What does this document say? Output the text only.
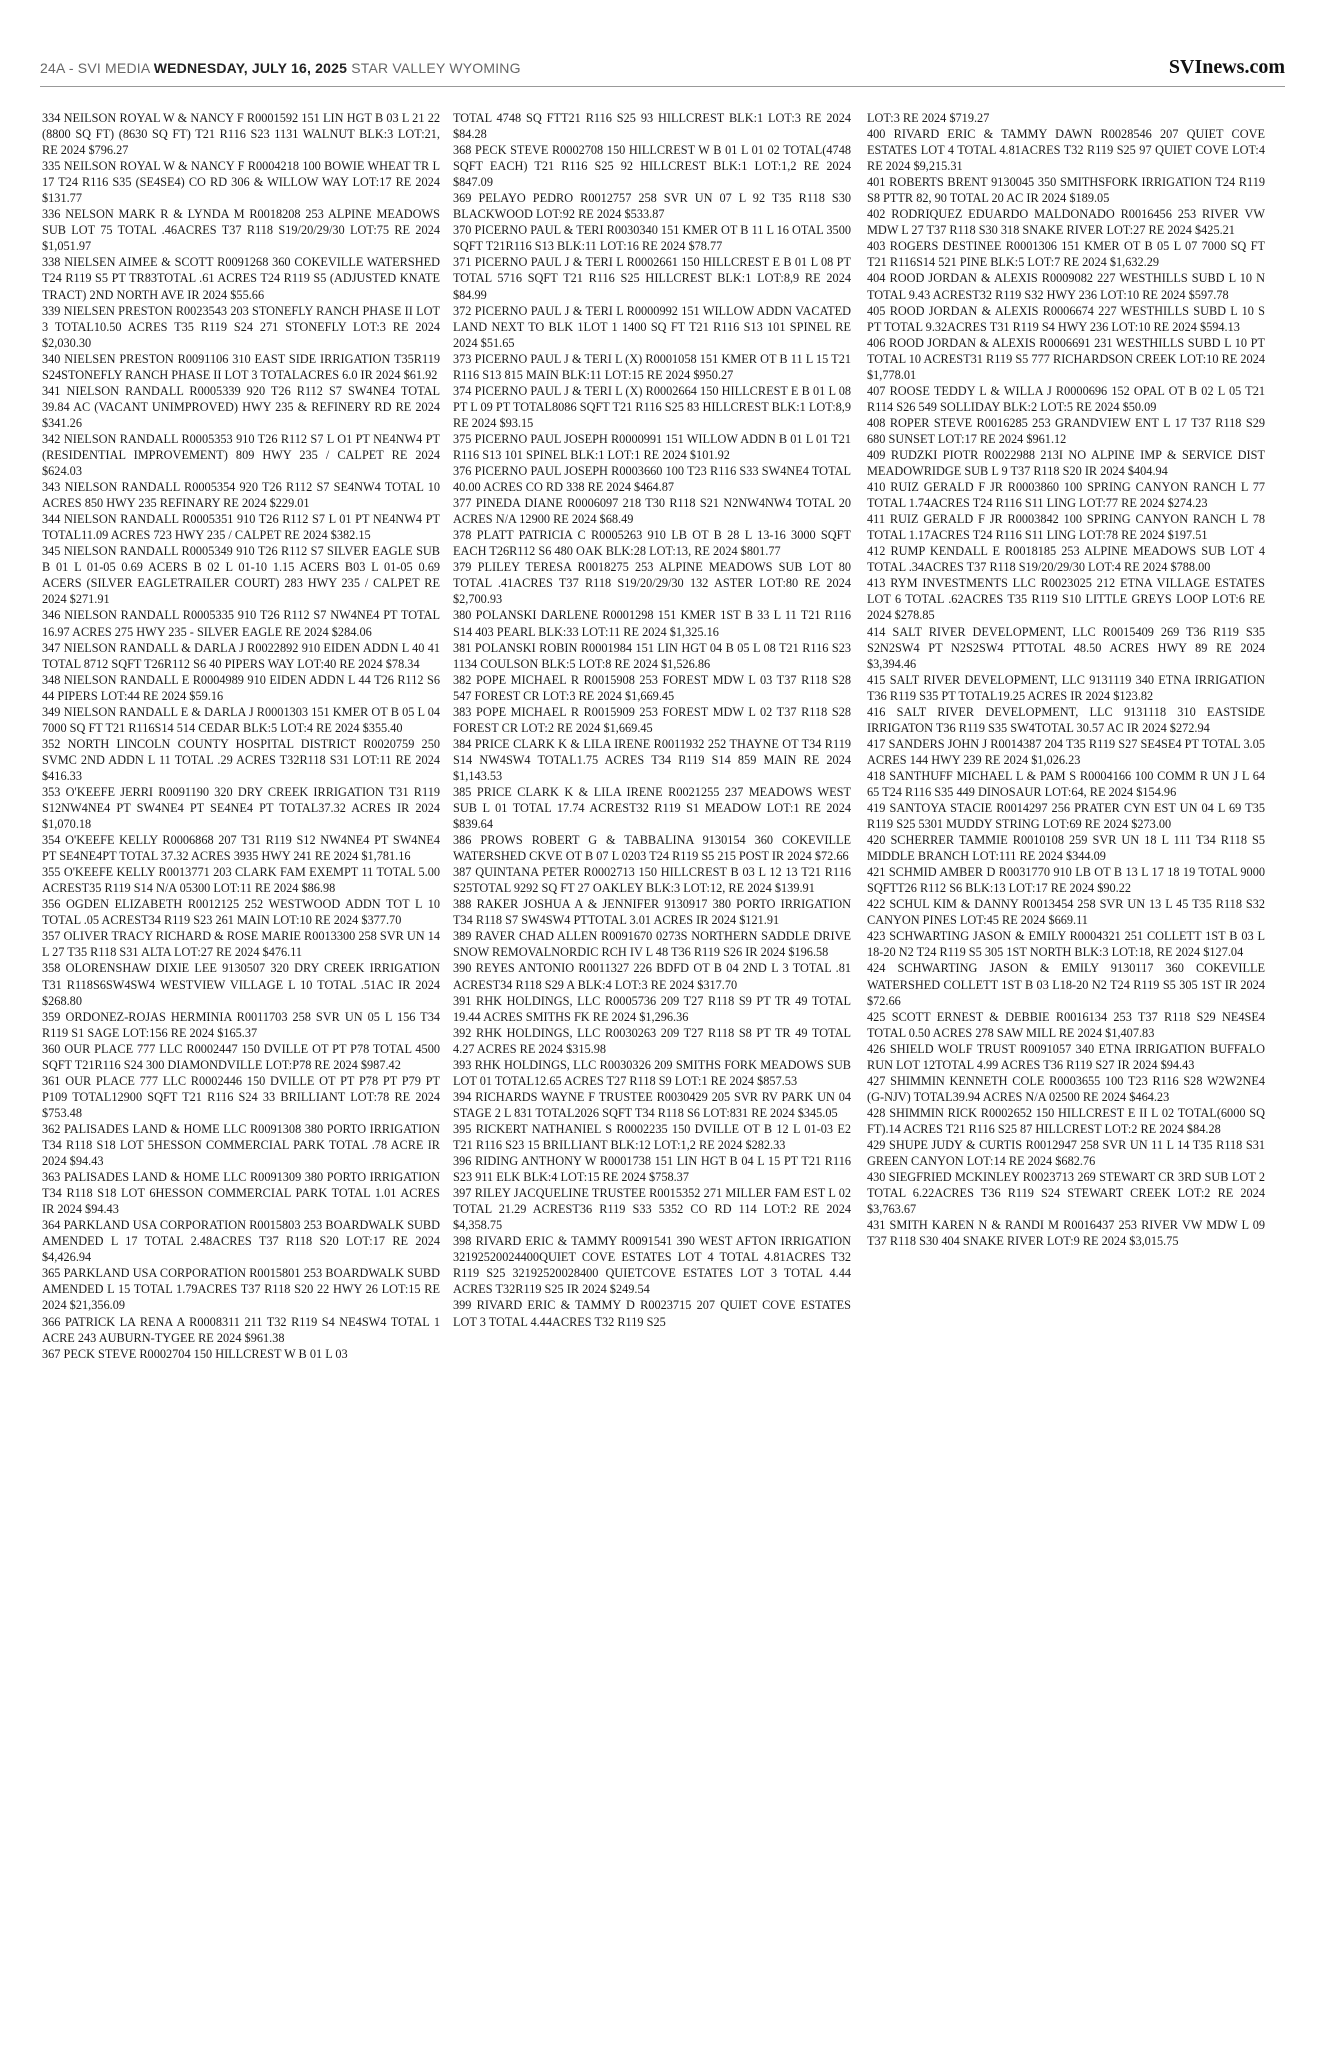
24A - SVI MEDIA WEDNESDAY, JULY 16, 2025 STAR VALLEY WYOMING	SVInews.com

334 NEILSON ROYAL W & NANCY F R0001592 151 LIN HGT B 03 L 21 22 (8800 SQ FT) (8630 SQ FT) T21 R116 S23 1131 WALNUT BLK:3 LOT:21, RE 2024 $796.27

335 NEILSON ROYAL W & NANCY F R0004218 100 BOWIE WHEAT TR L 17 T24 R116 S35 (SE4SE4) CO RD 306 & WILLOW WAY LOT:17 RE 2024 $131.77

336 NELSON MARK R & LYNDA M R0018208 253 ALPINE MEADOWS SUB LOT 75 TOTAL .46ACRES T37 R118 S19/20/29/30 LOT:75 RE 2024 $1,051.97

338 NIELSEN AIMEE & SCOTT R0091268 360 COKEVILLE WATERSHED T24 R119 S5 PT TR83TOTAL .61 ACRES T24 R119 S5 (ADJUSTED KNATE TRACT) 2ND NORTH AVE IR 2024 $55.66

339 NIELSEN PRESTON R0023543 203 STONEFLY RANCH PHASE II LOT 3 TOTAL10.50 ACRES T35 R119 S24 271 STONEFLY LOT:3 RE 2024 $2,030.30

340 NIELSEN PRESTON R0091106 310 EAST SIDE IRRIGATION T35R119 S24STONEFLY RANCH PHASE II LOT 3 TOTALACRES 6.0 IR 2024 $61.92

341 NIELSON RANDALL R0005339 920 T26 R112 S7 SW4NE4 TOTAL 39.84 AC (VACANT UNIMPROVED) HWY 235 & REFINERY RD RE 2024 $341.26

342 NIELSON RANDALL R0005353 910 T26 R112 S7 L O1 PT NE4NW4 PT (RESIDENTIAL IMPROVEMENT) 809 HWY 235 / CALPET RE 2024 $624.03

343 NIELSON RANDALL R0005354 920 T26 R112 S7 SE4NW4 TOTAL 10 ACRES 850 HWY 235 REFINARY RE 2024 $229.01

344 NIELSON RANDALL R0005351 910 T26 R112 S7 L 01 PT NE4NW4 PT TOTAL11.09 ACRES 723 HWY 235 / CALPET RE 2024 $382.15

345 NIELSON RANDALL R0005349 910 T26 R112 S7 SILVER EAGLE SUB B 01 L 01-05 0.69 ACERS B 02 L 01-10 1.15 ACERS B03 L 01-05 0.69 ACERS (SILVER EAGLETRAILER COURT) 283 HWY 235 / CALPET RE 2024 $271.91

346 NIELSON RANDALL R0005335 910 T26 R112 S7 NW4NE4 PT TOTAL 16.97 ACRES 275 HWY 235 - SILVER EAGLE RE 2024 $284.06

347 NIELSON RANDALL & DARLA J R0022892 910 EIDEN ADDN L 40 41 TOTAL 8712 SQFT T26R112 S6 40 PIPERS WAY LOT:40 RE 2024 $78.34

348 NIELSON RANDALL E R0004989 910 EIDEN ADDN L 44 T26 R112 S6 44 PIPERS LOT:44 RE 2024 $59.16

349 NIELSON RANDALL E & DARLA J R0001303 151 KMER OT B 05 L 04 7000 SQ FT T21 R116S14 514 CEDAR BLK:5 LOT:4 RE 2024 $355.40

352 NORTH LINCOLN COUNTY HOSPITAL DISTRICT R0020759 250 SVMC 2ND ADDN L 11 TOTAL .29 ACRES T32R118 S31 LOT:11 RE 2024 $416.33

353 O'KEEFE JERRI R0091190 320 DRY CREEK IRRIGATION T31 R119 S12NW4NE4 PT SW4NE4 PT SE4NE4 PT TOTAL37.32 ACRES IR 2024 $1,070.18

354 O'KEEFE KELLY R0006868 207 T31 R119 S12 NW4NE4 PT SW4NE4 PT SE4NE4PT TOTAL 37.32 ACRES 3935 HWY 241 RE 2024 $1,781.16

355 O'KEEFE KELLY R0013771 203 CLARK FAM EXEMPT 11 TOTAL 5.00 ACREST35 R119 S14 N/A 05300 LOT:11 RE 2024 $86.98

356 OGDEN ELIZABETH R0012125 252 WESTWOOD ADDN TOT L 10 TOTAL .05 ACREST34 R119 S23 261 MAIN LOT:10 RE 2024 $377.70

357 OLIVER TRACY RICHARD & ROSE MARIE R0013300 258 SVR UN 14 L 27 T35 R118 S31 ALTA LOT:27 RE 2024 $476.11

358 OLORENSHAW DIXIE LEE 9130507 320 DRY CREEK IRRIGATION T31 R118S6SW4SW4 WESTVIEW VILLAGE L 10 TOTAL .51AC IR 2024 $268.80

359 ORDONEZ-ROJAS HERMINIA R0011703 258 SVR UN 05 L 156 T34 R119 S1 SAGE LOT:156 RE 2024 $165.37

360 OUR PLACE 777 LLC R0002447 150 DVILLE OT PT P78 TOTAL 4500 SQFT T21R116 S24 300 DIAMONDVILLE LOT:P78 RE 2024 $987.42

361 OUR PLACE 777 LLC R0002446 150 DVILLE OT PT P78 PT P79 PT P109 TOTAL12900 SQFT T21 R116 S24 33 BRILLIANT LOT:78 RE 2024 $753.48

362 PALISADES LAND & HOME LLC R0091308 380 PORTO IRRIGATION T34 R118 S18 LOT 5HESSON COMMERCIAL PARK TOTAL .78 ACRE IR 2024 $94.43

363 PALISADES LAND & HOME LLC R0091309 380 PORTO IRRIGATION T34 R118 S18 LOT 6HESSON COMMERCIAL PARK TOTAL 1.01 ACRES IR 2024 $94.43

364 PARKLAND USA CORPORATION R0015803 253 BOARDWALK SUBD AMENDED L 17 TOTAL 2.48ACRES T37 R118 S20 LOT:17 RE 2024 $4,426.94

365 PARKLAND USA CORPORATION R0015801 253 BOARDWALK SUBD AMENDED L 15 TOTAL 1.79ACRES T37 R118 S20 22 HWY 26 LOT:15 RE 2024 $21,356.09

366 PATRICK LA RENA A R0008311 211 T32 R119 S4 NE4SW4 TOTAL 1 ACRE 243 AUBURN-TYGEE RE 2024 $961.38

367 PECK STEVE R0002704 150 HILLCREST W B 01 L 03

TOTAL 4748 SQ FTT21 R116 S25 93 HILLCREST BLK:1 LOT:3 RE 2024 $84.28

368 PECK STEVE R0002708 150 HILLCREST W B 01 L 01 02 TOTAL(4748 SQFT EACH) T21 R116 S25 92 HILLCREST BLK:1 LOT:1,2 RE 2024 $847.09

369 PELAYO PEDRO R0012757 258 SVR UN 07 L 92 T35 R118 S30 BLACKWOOD LOT:92 RE 2024 $533.87

370 PICERNO PAUL & TERI R0030340 151 KMER OT B 11 L 16 OTAL 3500 SQFT T21R116 S13 BLK:11 LOT:16 RE 2024 $78.77

371 PICERNO PAUL J & TERI L R0002661 150 HILLCREST E B 01 L 08 PT TOTAL 5716 SQFT T21 R116 S25 HILLCREST BLK:1 LOT:8,9 RE 2024 $84.99

372 PICERNO PAUL J & TERI L R0000992 151 WILLOW ADDN VACATED LAND NEXT TO BLK 1LOT 1 1400 SQ FT T21 R116 S13 101 SPINEL RE 2024 $51.65

373 PICERNO PAUL J & TERI L (X) R0001058 151 KMER OT B 11 L 15 T21 R116 S13 815 MAIN BLK:11 LOT:15 RE 2024 $950.27

374 PICERNO PAUL J & TERI L (X) R0002664 150 HILLCREST E B 01 L 08 PT L 09 PT TOTAL8086 SQFT T21 R116 S25 83 HILLCREST BLK:1 LOT:8,9 RE 2024 $93.15

375 PICERNO PAUL JOSEPH R0000991 151 WILLOW ADDN B 01 L 01 T21 R116 S13 101 SPINEL BLK:1 LOT:1 RE 2024 $101.92

376 PICERNO PAUL JOSEPH R0003660 100 T23 R116 S33 SW4NE4 TOTAL 40.00 ACRES CO RD 338 RE 2024 $464.87

377 PINEDA DIANE R0006097 218 T30 R118 S21 N2NW4NW4 TOTAL 20 ACRES N/A 12900 RE 2024 $68.49

378 PLATT PATRICIA C R0005263 910 LB OT B 28 L 13-16 3000 SQFT EACH T26R112 S6 480 OAK BLK:28 LOT:13, RE 2024 $801.77

379 PLILEY TERESA R0018275 253 ALPINE MEADOWS SUB LOT 80 TOTAL .41ACRES T37 R118 S19/20/29/30 132 ASTER LOT:80 RE 2024 $2,700.93

380 POLANSKI DARLENE R0001298 151 KMER 1ST B 33 L 11 T21 R116 S14 403 PEARL BLK:33 LOT:11 RE 2024 $1,325.16

381 POLANSKI ROBIN R0001984 151 LIN HGT 04 B 05 L 08 T21 R116 S23 1134 COULSON BLK:5 LOT:8 RE 2024 $1,526.86

382 POPE MICHAEL R R0015908 253 FOREST MDW L 03 T37 R118 S28 547 FOREST CR LOT:3 RE 2024 $1,669.45

383 POPE MICHAEL R R0015909 253 FOREST MDW L 02 T37 R118 S28 FOREST CR LOT:2 RE 2024 $1,669.45

384 PRICE CLARK K & LILA IRENE R0011932 252 THAYNE OT T34 R119 S14 NW4SW4 TOTAL1.75 ACRES T34 R119 S14 859 MAIN RE 2024 $1,143.53

385 PRICE CLARK K & LILA IRENE R0021255 237 MEADOWS WEST SUB L 01 TOTAL 17.74 ACREST32 R119 S1 MEADOW LOT:1 RE 2024 $839.64

386 PROWS ROBERT G & TABBALINA 9130154 360 COKEVILLE WATERSHED CKVE OT B 07 L 0203 T24 R119 S5 215 POST IR 2024 $72.66

387 QUINTANA PETER R0002713 150 HILLCREST B 03 L 12 13 T21 R116 S25TOTAL 9292 SQ FT 27 OAKLEY BLK:3 LOT:12, RE 2024 $139.91

388 RAKER JOSHUA A & JENNIFER 9130917 380 PORTO IRRIGATION T34 R118 S7 SW4SW4 PTTOTAL 3.01 ACRES IR 2024 $121.91

389 RAVER CHAD ALLEN R0091670 0273S NORTHERN SADDLE DRIVE SNOW REMOVALNORDIC RCH IV L 48 T36 R119 S26 IR 2024 $196.58

390 REYES ANTONIO R0011327 226 BDFD OT B 04 2ND L 3 TOTAL .81 ACREST34 R118 S29 A BLK:4 LOT:3 RE 2024 $317.70

391 RHK HOLDINGS, LLC R0005736 209 T27 R118 S9 PT TR 49 TOTAL 19.44 ACRES SMITHS FK RE 2024 $1,296.36

392 RHK HOLDINGS, LLC R0030263 209 T27 R118 S8 PT TR 49 TOTAL 4.27 ACRES RE 2024 $315.98

393 RHK HOLDINGS, LLC R0030326 209 SMITHS FORK MEADOWS SUB LOT 01 TOTAL12.65 ACRES T27 R118 S9 LOT:1 RE 2024 $857.53

394 RICHARDS WAYNE F TRUSTEE R0030429 205 SVR RV PARK UN 04 STAGE 2 L 831 TOTAL2026 SQFT T34 R118 S6 LOT:831 RE 2024 $345.05

395 RICKERT NATHANIEL S R0002235 150 DVILLE OT B 12 L 01-03 E2 T21 R116 S23 15 BRILLIANT BLK:12 LOT:1,2 RE 2024 $282.33

396 RIDING ANTHONY W R0001738 151 LIN HGT B 04 L 15 PT T21 R116 S23 911 ELK BLK:4 LOT:15 RE 2024 $758.37

397 RILEY JACQUELINE TRUSTEE R0015352 271 MILLER FAM EST L 02 TOTAL 21.29 ACREST36 R119 S33 5352 CO RD 114 LOT:2 RE 2024 $4,358.75

398 RIVARD ERIC & TAMMY R0091541 390 WEST AFTON IRRIGATION 32192520024400QUIET COVE ESTATES LOT 4 TOTAL 4.81ACRES T32 R119 S25 32192520028400 QUIETCOVE ESTATES LOT 3 TOTAL 4.44 ACRES T32R119 S25 IR 2024 $249.54

399 RIVARD ERIC & TAMMY D R0023715 207 QUIET COVE ESTATES LOT 3 TOTAL 4.44ACRES T32 R119 S25

LOT:3 RE 2024 $719.27

400 RIVARD ERIC & TAMMY DAWN R0028546 207 QUIET COVE ESTATES LOT 4 TOTAL 4.81ACRES T32 R119 S25 97 QUIET COVE LOT:4 RE 2024 $9,215.31

401 ROBERTS BRENT 9130045 350 SMITHSFORK IRRIGATION T24 R119 S8 PTTR 82, 90 TOTAL 20 AC IR 2024 $189.05

402 RODRIQUEZ EDUARDO MALDONADO R0016456 253 RIVER VW MDW L 27 T37 R118 S30 318 SNAKE RIVER LOT:27 RE 2024 $425.21

403 ROGERS DESTINEE R0001306 151 KMER OT B 05 L 07 7000 SQ FT T21 R116S14 521 PINE BLK:5 LOT:7 RE 2024 $1,632.29

404 ROOD JORDAN & ALEXIS R0009082 227 WESTHILLS SUBD L 10 N TOTAL 9.43 ACREST32 R119 S32 HWY 236 LOT:10 RE 2024 $597.78

405 ROOD JORDAN & ALEXIS R0006674 227 WESTHILLS SUBD L 10 S PT TOTAL 9.32ACRES T31 R119 S4 HWY 236 LOT:10 RE 2024 $594.13

406 ROOD JORDAN & ALEXIS R0006691 231 WESTHILLS SUBD L 10 PT TOTAL 10 ACREST31 R119 S5 777 RICHARDSON CREEK LOT:10 RE 2024 $1,778.01

407 ROOSE TEDDY L & WILLA J R0000696 152 OPAL OT B 02 L 05 T21 R114 S26 549 SOLLIDAY BLK:2 LOT:5 RE 2024 $50.09

408 ROPER STEVE R0016285 253 GRANDVIEW ENT L 17 T37 R118 S29 680 SUNSET LOT:17 RE 2024 $961.12

409 RUDZKI PIOTR R0022988 213I NO ALPINE IMP & SERVICE DIST MEADOWRIDGE SUB L 9 T37 R118 S20 IR 2024 $404.94

410 RUIZ GERALD F JR R0003860 100 SPRING CANYON RANCH L 77 TOTAL 1.74ACRES T24 R116 S11 LING LOT:77 RE 2024 $274.23

411 RUIZ GERALD F JR R0003842 100 SPRING CANYON RANCH L 78 TOTAL 1.17ACRES T24 R116 S11 LING LOT:78 RE 2024 $197.51

412 RUMP KENDALL E R0018185 253 ALPINE MEADOWS SUB LOT 4 TOTAL .34ACRES T37 R118 S19/20/29/30 LOT:4 RE 2024 $788.00

413 RYM INVESTMENTS LLC R0023025 212 ETNA VILLAGE ESTATES LOT 6 TOTAL .62ACRES T35 R119 S10 LITTLE GREYS LOOP LOT:6 RE 2024 $278.85

414 SALT RIVER DEVELOPMENT, LLC R0015409 269 T36 R119 S35 S2N2SW4 PT N2S2SW4 PTTOTAL 48.50 ACRES HWY 89 RE 2024 $3,394.46

415 SALT RIVER DEVELOPMENT, LLC 9131119 340 ETNA IRRIGATION T36 R119 S35 PT TOTAL19.25 ACRES IR 2024 $123.82

416 SALT RIVER DEVELOPMENT, LLC 9131118 310 EASTSIDE IRRIGATON T36 R119 S35 SW4TOTAL 30.57 AC IR 2024 $272.94

417 SANDERS JOHN J R0014387 204 T35 R119 S27 SE4SE4 PT TOTAL 3.05 ACRES 144 HWY 239 RE 2024 $1,026.23

418 SANTHUFF MICHAEL L & PAM S R0004166 100 COMM R UN J L 64 65 T24 R116 S35 449 DINOSAUR LOT:64, RE 2024 $154.96

419 SANTOYA STACIE R0014297 256 PRATER CYN EST UN 04 L 69 T35 R119 S25 5301 MUDDY STRING LOT:69 RE 2024 $273.00

420 SCHERRER TAMMIE R0010108 259 SVR UN 18 L 111 T34 R118 S5 MIDDLE BRANCH LOT:111 RE 2024 $344.09

421 SCHMID AMBER D R0031770 910 LB OT B 13 L 17 18 19 TOTAL 9000 SQFTT26 R112 S6 BLK:13 LOT:17 RE 2024 $90.22

422 SCHUL KIM & DANNY R0013454 258 SVR UN 13 L 45 T35 R118 S32 CANYON PINES LOT:45 RE 2024 $669.11

423 SCHWARTING JASON & EMILY R0004321 251 COLLETT 1ST B 03 L 18-20 N2 T24 R119 S5 305 1ST NORTH BLK:3 LOT:18, RE 2024 $127.04

424 SCHWARTING JASON & EMILY 9130117 360 COKEVILLE WATERSHED COLLETT 1ST B 03 L18-20 N2 T24 R119 S5 305 1ST IR 2024 $72.66

425 SCOTT ERNEST & DEBBIE R0016134 253 T37 R118 S29 NE4SE4 TOTAL 0.50 ACRES 278 SAW MILL RE 2024 $1,407.83

426 SHIELD WOLF TRUST R0091057 340 ETNA IRRIGATION BUFFALO RUN LOT 12TOTAL 4.99 ACRES T36 R119 S27 IR 2024 $94.43

427 SHIMMIN KENNETH COLE R0003655 100 T23 R116 S28 W2W2NE4 (G-NJV) TOTAL39.94 ACRES N/A 02500 RE 2024 $464.23

428 SHIMMIN RICK R0002652 150 HILLCREST E II L 02 TOTAL(6000 SQ FT).14 ACRES T21 R116 S25 87 HILLCREST LOT:2 RE 2024 $84.28

429 SHUPE JUDY & CURTIS R0012947 258 SVR UN 11 L 14 T35 R118 S31 GREEN CANYON LOT:14 RE 2024 $682.76

430 SIEGFRIED MCKINLEY R0023713 269 STEWART CR 3RD SUB LOT 2 TOTAL 6.22ACRES T36 R119 S24 STEWART CREEK LOT:2 RE 2024 $3,763.67

431 SMITH KAREN N & RANDI M R0016437 253 RIVER VW MDW L 09 T37 R118 S30 404 SNAKE RIVER LOT:9 RE 2024 $3,015.75
